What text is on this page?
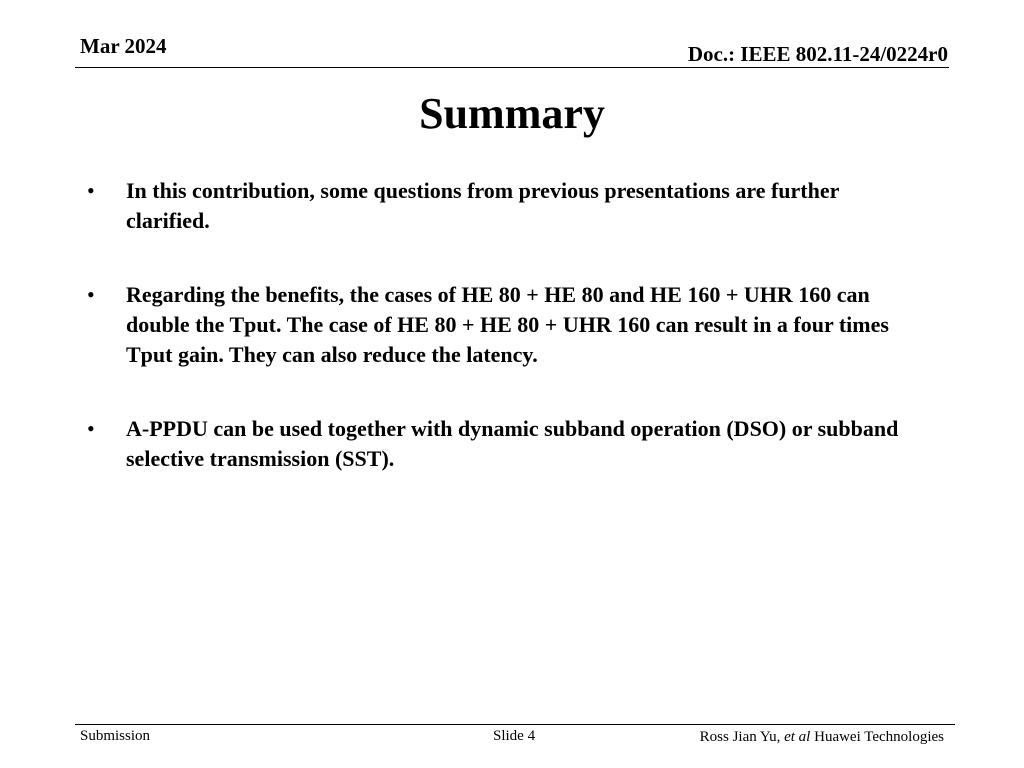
Mar 2024	Doc.: IEEE 802.11-24/0224r0
Summary
• In this contribution, some questions from previous presentations are further clarified.
• Regarding the benefits, the cases of HE 80 + HE 80 and HE 160 + UHR 160 can double the Tput. The case of HE 80 + HE 80 + UHR 160 can result in a four times Tput gain. They can also reduce the latency.
• A-PPDU can be used together with dynamic subband operation (DSO) or subband selective transmission (SST).
Submission	Slide 4	Ross Jian Yu, et al Huawei Technologies
